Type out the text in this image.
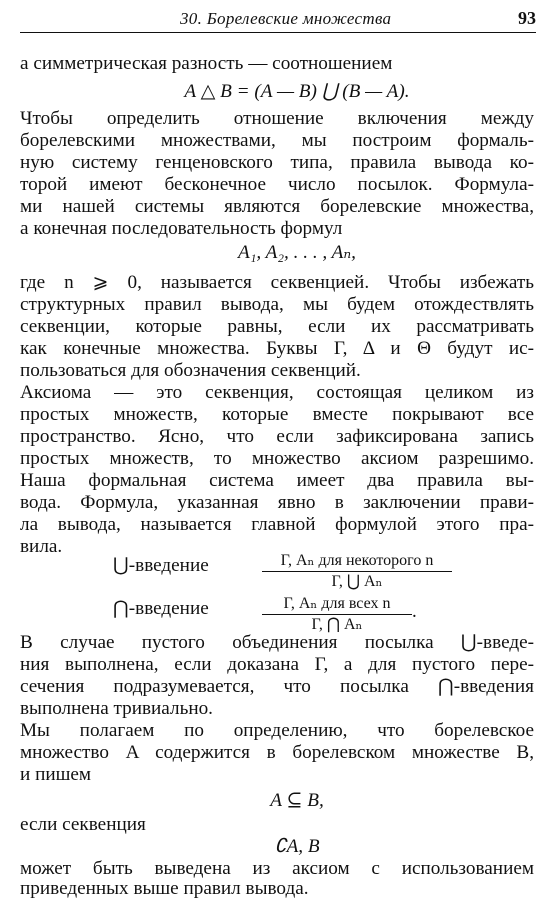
30. Борелевские множества	93
а симметрическая разность — соотношением
A △ B = (A — B) ⋃ (B — A).
Чтобы определить отношение включения между
борелевскими множествами, мы построим формаль-
ную систему генценовского типа, правила вывода ко-
торой имеют бесконечное число посылок. Формула-
ми нашей системы являются борелевские множества,
а конечная последовательность формул
A₁, A₂, . . . , Aₙ,
где n ⩾ 0, называется секвенцией. Чтобы избежать
структурных правил вывода, мы будем отождествлять
секвенции, которые равны, если их рассматривать
как конечные множества. Буквы Γ, Δ и Θ будут ис-
пользоваться для обозначения секвенций.
Аксиома — это секвенция, состоящая целиком из
простых множеств, которые вместе покрывают все
пространство. Ясно, что если зафиксирована запись
простых множеств, то множество аксиом разрешимо.
Наша формальная система имеет два правила вы-
вода. Формула, указанная явно в заключении прави-
ла вывода, называется главной формулой этого пра-
вила.
⋃-введение	$\frac{\text{Γ, Aₙ для некоторого n}}{\text{Γ, ⋃ Aₙ}}$
⋂-введение	$\frac{\text{Γ, Aₙ для всех n}}{\text{Γ, ⋂ Aₙ}}$ .
В случае пустого объединения посылка ⋃-введе-
ния выполнена, если доказана Γ, а для пустого пере-
сечения подразумевается, что посылка ⋂-введения
выполнена тривиально.
Мы полагаем по определению, что борелевское
множество A содержится в борелевском множестве B,
и пишем
A ⊆ B,
если секвенция
∁A, B
может быть выведена из аксиом с использованием
приведенных выше правил вывода.
